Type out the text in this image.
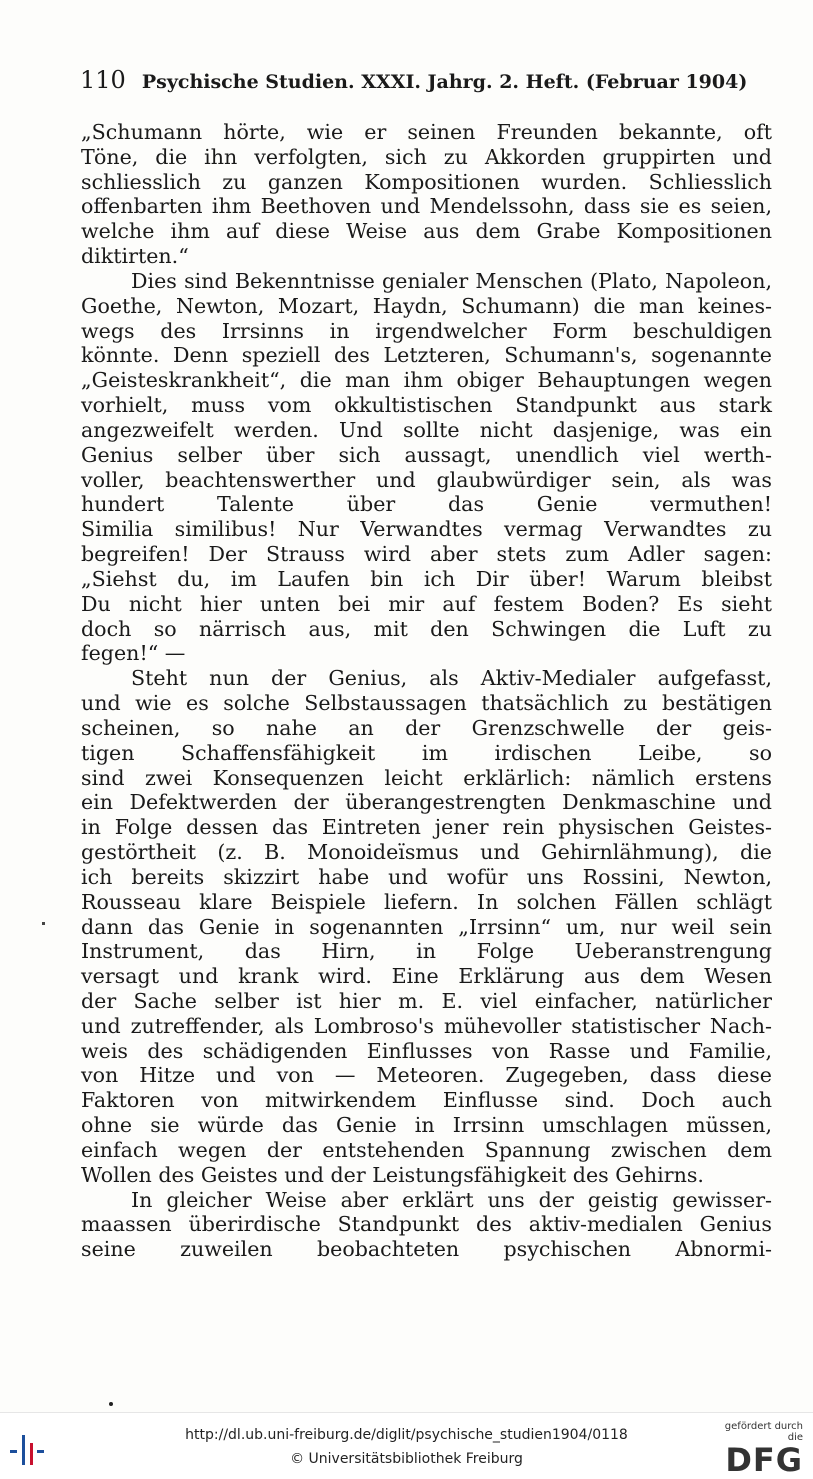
110 Psychische Studien. XXXI. Jahrg. 2. Heft. (Februar 1904)
„Schumann hörte, wie er seinen Freunden bekannte, oft
Töne, die ihn verfolgten, sich zu Akkorden gruppirten und
schliesslich zu ganzen Kompositionen wurden. Schliesslich
offenbarten ihm Beethoven und Mendelssohn, dass sie es seien,
welche ihm auf diese Weise aus dem Grabe Kompositionen
diktirten.“
Dies sind Bekenntnisse genialer Menschen (Plato, Napoleon,
Goethe, Newton, Mozart, Haydn, Schumann) die man keines-
wegs des Irrsinns in irgendwelcher Form beschuldigen
könnte. Denn speziell des Letzteren, Schumann's, sogenannte
„Geisteskrankheit“, die man ihm obiger Behauptungen wegen
vorhielt, muss vom okkultistischen Standpunkt aus stark
angezweifelt werden. Und sollte nicht dasjenige, was ein
Genius selber über sich aussagt, unendlich viel werth-
voller, beachtenswerther und glaubwürdiger sein, als was
hundert Talente über das Genie vermuthen!
Similia similibus! Nur Verwandtes vermag Verwandtes zu
begreifen! Der Strauss wird aber stets zum Adler sagen:
„Siehst du, im Laufen bin ich Dir über! Warum bleibst
Du nicht hier unten bei mir auf festem Boden? Es sieht
doch so närrisch aus, mit den Schwingen die Luft zu
fegen!“ —
Steht nun der Genius, als Aktiv-Medialer aufgefasst,
und wie es solche Selbstaussagen thatsächlich zu bestätigen
scheinen, so nahe an der Grenzschwelle der geis-
tigen Schaffensfähigkeit im irdischen Leibe, so
sind zwei Konsequenzen leicht erklärlich: nämlich erstens
ein Defektwerden der überangestrengten Denkmaschine und
in Folge dessen das Eintreten jener rein physischen Geistes-
gestörtheit (z. B. Monoideïsmus und Gehirnlähmung), die
ich bereits skizzirt habe und wofür uns Rossini, Newton,
Rousseau klare Beispiele liefern. In solchen Fällen schlägt
dann das Genie in sogenannten „Irrsinn“ um, nur weil sein
Instrument, das Hirn, in Folge Ueberanstrengung
versagt und krank wird. Eine Erklärung aus dem Wesen
der Sache selber ist hier m. E. viel einfacher, natürlicher
und zutreffender, als Lombroso's mühevoller statistischer Nach-
weis des schädigenden Einflusses von Rasse und Familie,
von Hitze und von — Meteoren. Zugegeben, dass diese
Faktoren von mitwirkendem Einflusse sind. Doch auch
ohne sie würde das Genie in Irrsinn umschlagen müssen,
einfach wegen der entstehenden Spannung zwischen dem
Wollen des Geistes und der Leistungsfähigkeit des Gehirns.
In gleicher Weise aber erklärt uns der geistig gewisser-
maassen überirdische Standpunkt des aktiv-medialen Genius
seine zuweilen beobachteten psychischen Abnormi-
http://dl.ub.uni-freiburg.de/diglit/psychische_studien1904/0118
© Universitätsbibliothek Freiburg
gefördert durch die
DFG
